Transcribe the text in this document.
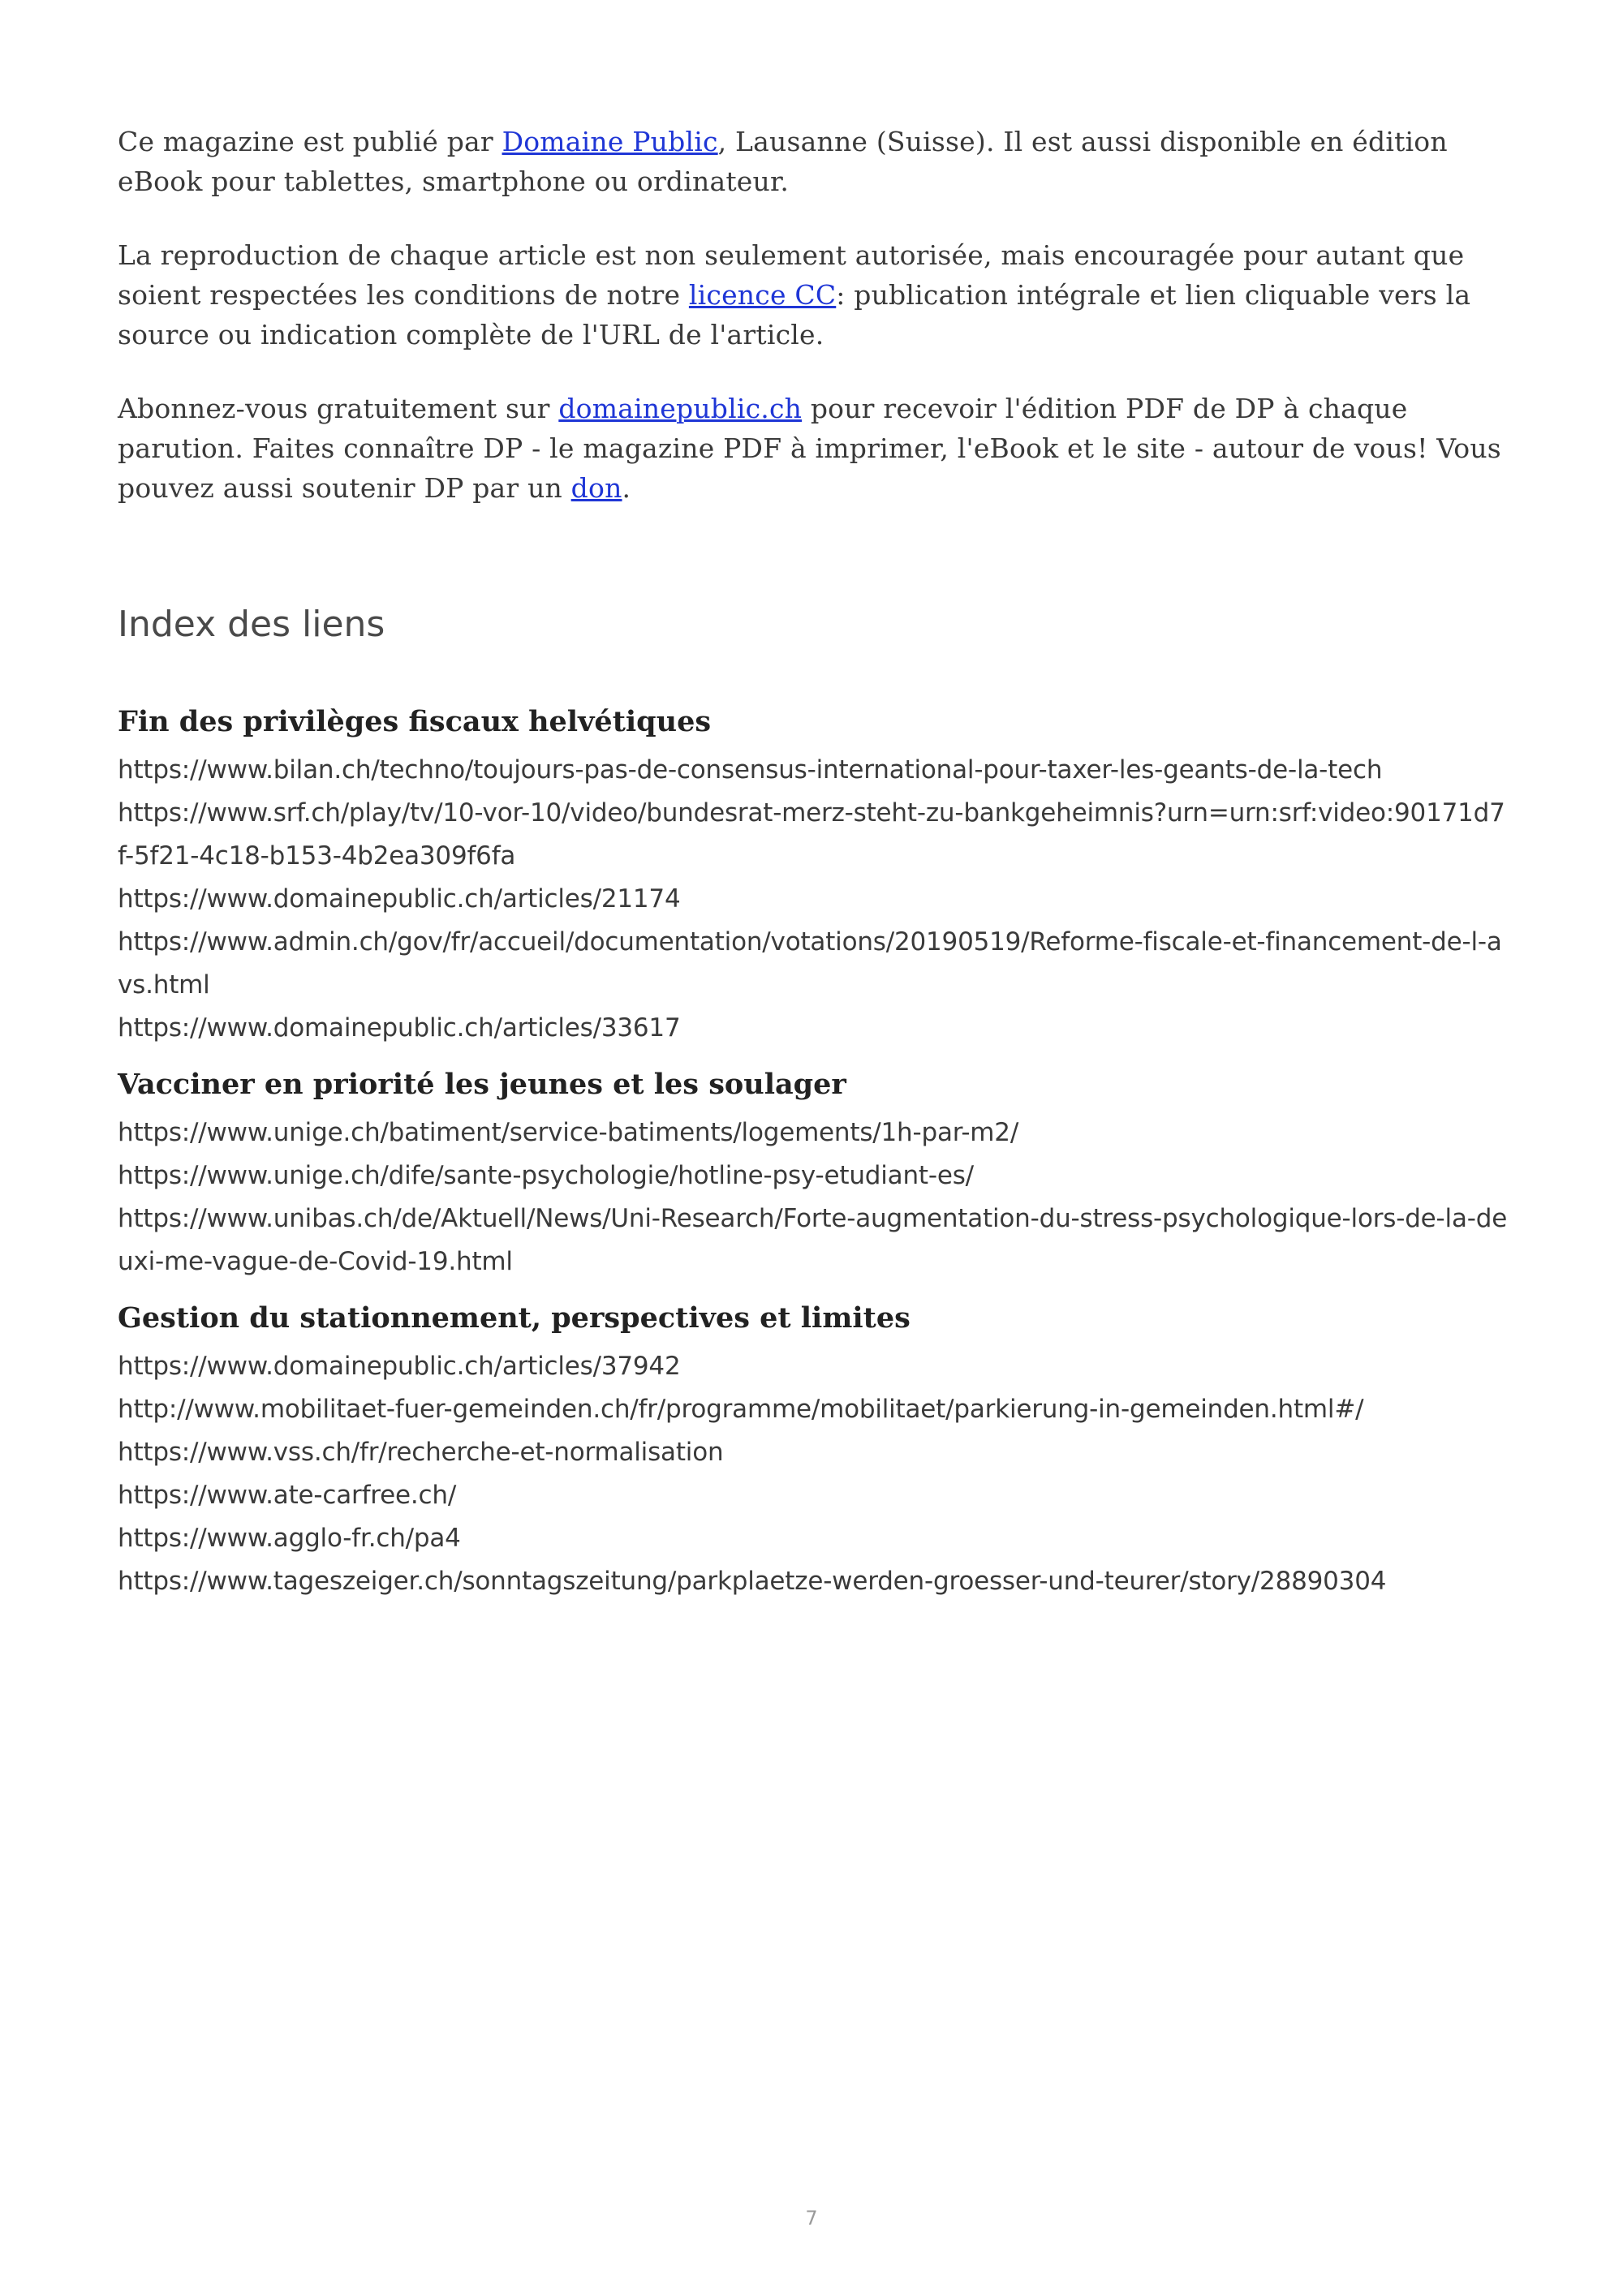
Ce magazine est publié par Domaine Public, Lausanne (Suisse). Il est aussi disponible en édition eBook pour tablettes, smartphone ou ordinateur.

La reproduction de chaque article est non seulement autorisée, mais encouragée pour autant que soient respectées les conditions de notre licence CC: publication intégrale et lien cliquable vers la source ou indication complète de l'URL de l'article.

Abonnez-vous gratuitement sur domainepublic.ch pour recevoir l'édition PDF de DP à chaque parution. Faites connaître DP - le magazine PDF à imprimer, l'eBook et le site - autour de vous! Vous pouvez aussi soutenir DP par un don.

Index des liens
Fin des privilèges fiscaux helvétiques

https://www.bilan.ch/techno/toujours-pas-de-consensus-international-pour-taxer-les-geants-de-la-tech

https://www.srf.ch/play/tv/10-vor-10/video/bundesrat-merz-steht-zu-bankgeheimnis?urn=urn:srf:video:90171d7f-5f21-4c18-b153-4b2ea309f6fa

https://www.domainepublic.ch/articles/21174

https://www.admin.ch/gov/fr/accueil/documentation/votations/20190519/Reforme-fiscale-et-financement-de-l-avs.html

https://www.domainepublic.ch/articles/33617

Vacciner en priorité les jeunes et les soulager

https://www.unige.ch/batiment/service-batiments/logements/1h-par-m2/

https://www.unige.ch/dife/sante-psychologie/hotline-psy-etudiant-es/

https://www.unibas.ch/de/Aktuell/News/Uni-Research/Forte-augmentation-du-stress-psychologique-lors-de-la-deuxi-me-vague-de-Covid-19.html

Gestion du stationnement, perspectives et limites

https://www.domainepublic.ch/articles/37942

http://www.mobilitaet-fuer-gemeinden.ch/fr/programme/mobilitaet/parkierung-in-gemeinden.html#/

https://www.vss.ch/fr/recherche-et-normalisation

https://www.ate-carfree.ch/

https://www.agglo-fr.ch/pa4

https://www.tageszeiger.ch/sonntagszeitung/parkplaetze-werden-groesser-und-teurer/story/28890304

7
